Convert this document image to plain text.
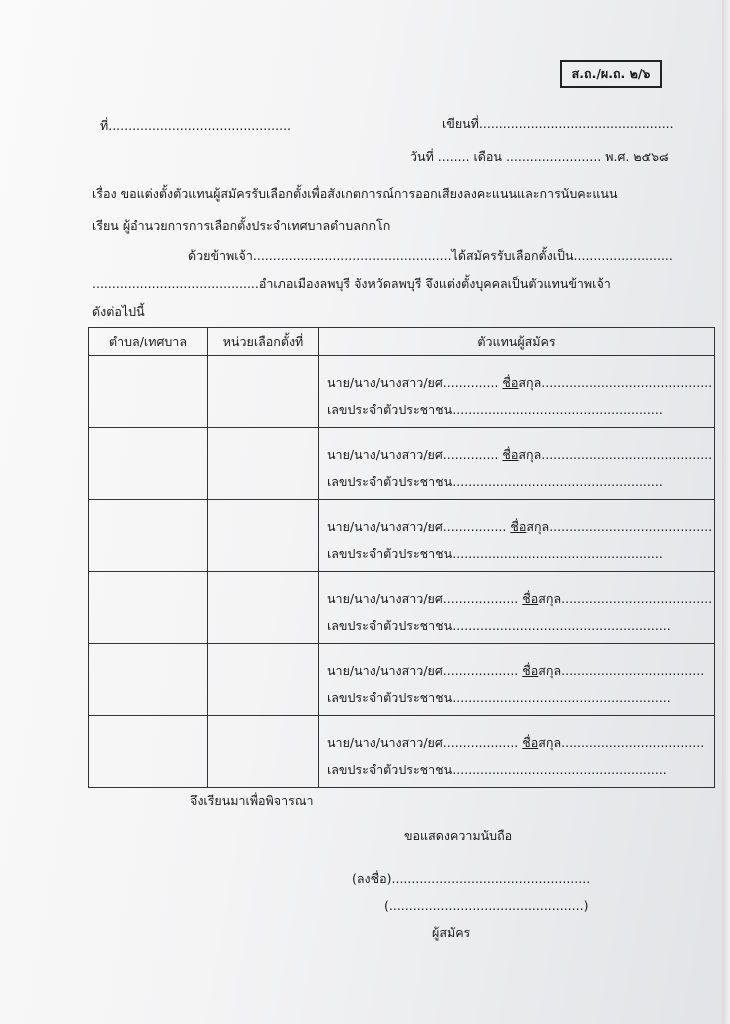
ส.ถ./ผ.ถ. ๒/๖
ที่..............................................	เขียนที่.................................................
วันที่ ........ เดือน ........................ พ.ศ. ๒๕๖๘
เรื่อง ขอแต่งตั้งตัวแทนผู้สมัครรับเลือกตั้งเพื่อสังเกตการณ์การออกเสียงลงคะแนนและการนับคะแนน
เรียน ผู้อำนวยการการเลือกตั้งประจำเทศบาลตำบลกกโก
ด้วยข้าพเจ้า..................................................ได้สมัครรับเลือกตั้งเป็น.........................
..........................................อำเภอเมืองลพบุรี จังหวัดลพบุรี จึงแต่งตั้งบุคคลเป็นตัวแทนข้าพเจ้า
ดังต่อไปนี้
ตำบล/เทศบาล	หน่วยเลือกตั้งที่	ตัวแทนผู้สมัคร

		นาย/นาง/นางสาว/ยศ.............. ชื่อสกุล...........................................
เลขประจำตัวประชาชน.....................................................

		นาย/นาง/นางสาว/ยศ.............. ชื่อสกุล...........................................
เลขประจำตัวประชาชน.....................................................

		นาย/นาง/นางสาว/ยศ................ ชื่อสกุล.........................................
เลขประจำตัวประชาชน.....................................................

		นาย/นาง/นางสาว/ยศ................... ชื่อสกุล......................................
เลขประจำตัวประชาชน.......................................................

		นาย/นาง/นางสาว/ยศ................... ชื่อสกุล....................................
เลขประจำตัวประชาชน.......................................................

		นาย/นาง/นางสาว/ยศ................... ชื่อสกุล....................................
เลขประจำตัวประชาชน......................................................
จึงเรียนมาเพื่อพิจารณา
ขอแสดงความนับถือ
(ลงชื่อ)..................................................
(.................................................)
ผู้สมัคร
